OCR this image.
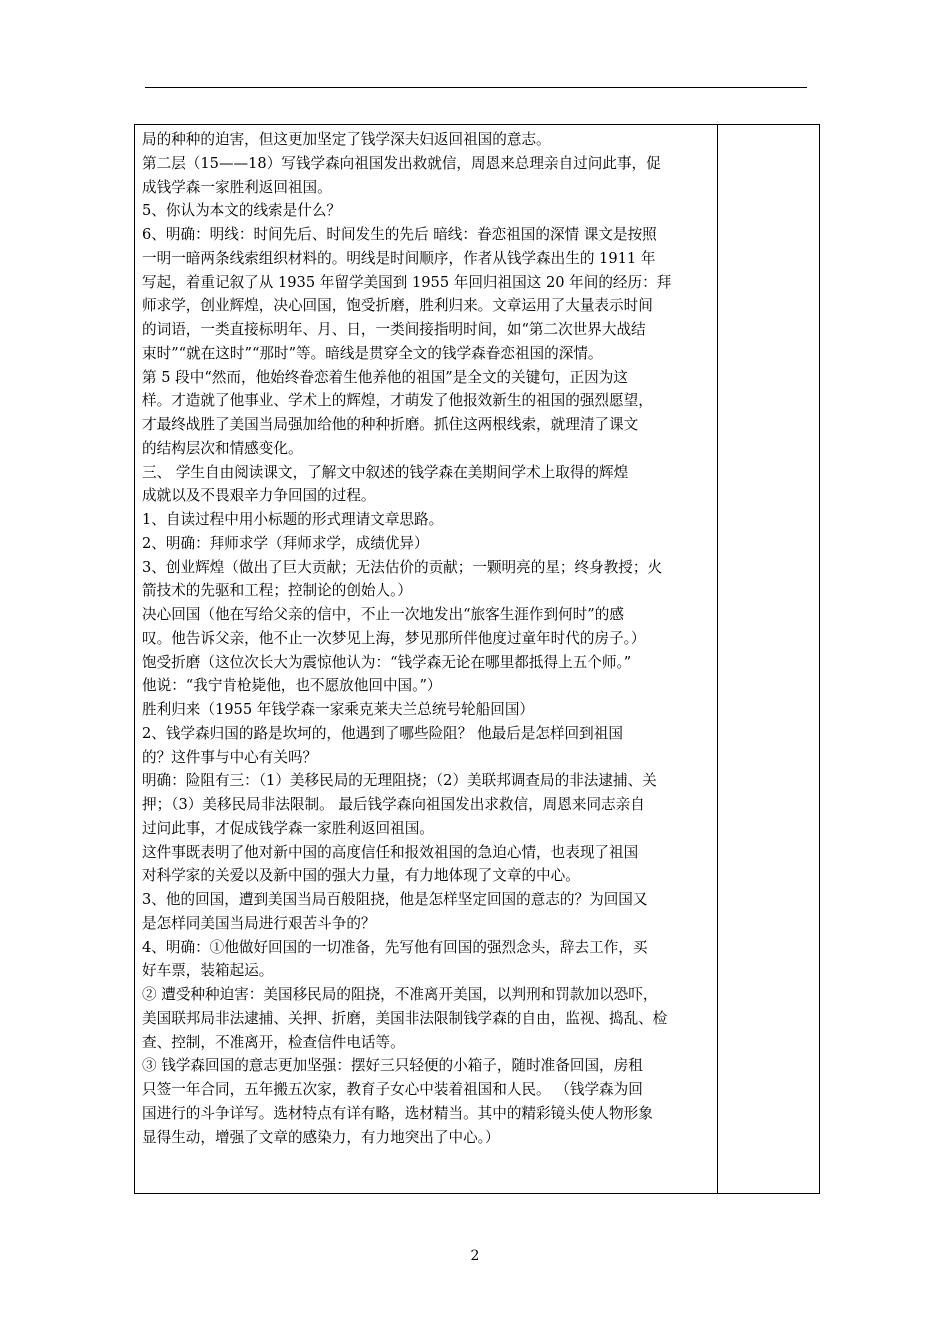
局的种种的迫害，但这更加坚定了钱学深夫妇返回祖国的意志。
第二层（15——18）写钱学森向祖国发出救就信，周恩来总理亲自过问此事，促
成钱学森一家胜利返回祖国。
5、你认为本文的线索是什么？
6、明确：明线：时间先后、时间发生的先后 暗线：眷恋祖国的深情 课文是按照
一明一暗两条线索组织材料的。明线是时间顺序，作者从钱学森出生的 1911 年
写起，着重记叙了从 1935 年留学美国到 1955 年回归祖国这 20 年间的经历：拜
师求学，创业辉煌，决心回国，饱受折磨，胜利归来。文章运用了大量表示时间
的词语，一类直接标明年、月、日，一类间接指明时间，如“第二次世界大战结
束时”“就在这时”“那时”等。暗线是贯穿全文的钱学森眷恋祖国的深情。
第 5 段中“然而，他始终眷恋着生他养他的祖国”是全文的关键句，正因为这
样。才造就了他事业、学术上的辉煌，才萌发了他报效新生的祖国的强烈愿望，
才最终战胜了美国当局强加给他的种种折磨。抓住这两根线索，就理清了课文
的结构层次和情感变化。
三、 学生自由阅读课文，了解文中叙述的钱学森在美期间学术上取得的辉煌
成就以及不畏艰辛力争回国的过程。
1、自读过程中用小标题的形式理请文章思路。
2、明确：拜师求学（拜师求学，成绩优异）
3、创业辉煌（做出了巨大贡献；无法估价的贡献；一颗明亮的星；终身教授；火
箭技术的先驱和工程；控制论的创始人。）
决心回国（他在写给父亲的信中，不止一次地发出“旅客生涯作到何时”的感
叹。他告诉父亲，他不止一次梦见上海，梦见那所伴他度过童年时代的房子。）
饱受折磨（这位次长大为震惊他认为：“钱学森无论在哪里都抵得上五个师。”
他说：“我宁肯枪毙他，也不愿放他回中国。”）
胜利归来（1955 年钱学森一家乘克莱夫兰总统号轮船回国）
2、钱学森归国的路是坎坷的，他遇到了哪些险阻？ 他最后是怎样回到祖国
的？这件事与中心有关吗？
明确：险阻有三：（1）美移民局的无理阻挠；（2）美联邦调查局的非法逮捕、关
押；（3）美移民局非法限制。 最后钱学森向祖国发出求救信，周恩来同志亲自
过问此事，才促成钱学森一家胜利返回祖国。
这件事既表明了他对新中国的高度信任和报效祖国的急迫心情，也表现了祖国
对科学家的关爱以及新中国的强大力量，有力地体现了文章的中心。
3、他的回国，遭到美国当局百般阻挠，他是怎样坚定回国的意志的？为回国又
是怎样同美国当局进行艰苦斗争的？
4、明确：①他做好回国的一切准备，先写他有回国的强烈念头，辞去工作，买
好车票，装箱起运。
② 遭受种种迫害：美国移民局的阻挠，不准离开美国，以判刑和罚款加以恐吓，
美国联邦局非法逮捕、关押、折磨，美国非法限制钱学森的自由，监视、捣乱、检
查、控制，不准离开，检查信件电话等。
③ 钱学森回国的意志更加坚强：摆好三只轻便的小箱子，随时准备回国，房租
只签一年合同，五年搬五次家，教育子女心中装着祖国和人民。 （钱学森为回
国进行的斗争详写。选材特点有详有略，选材精当。其中的精彩镜头使人物形象
显得生动，增强了文章的感染力，有力地突出了中心。）
2
